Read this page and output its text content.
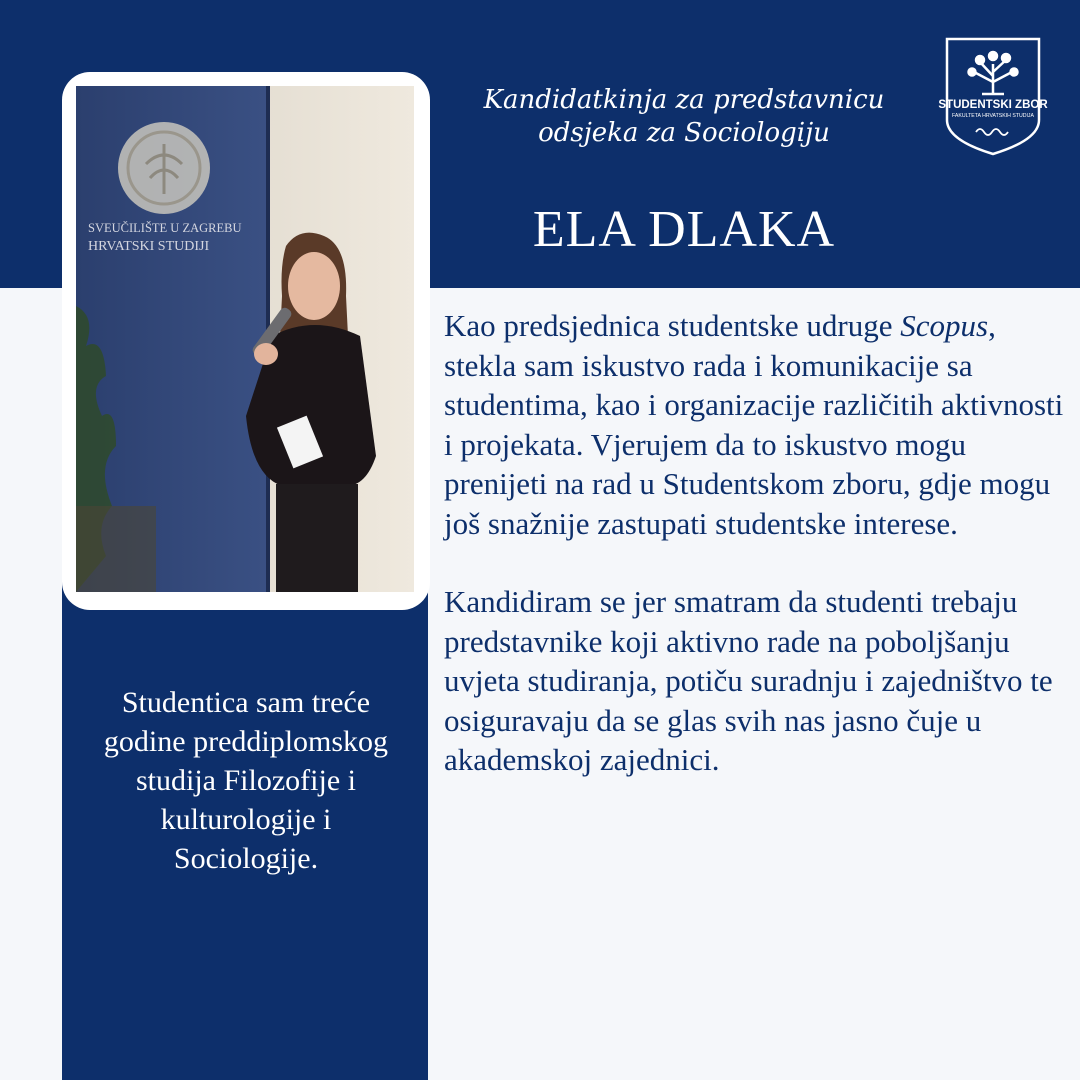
SVEUČILIŠTE U ZAGREBU
HRVATSKI STUDIJI
Kandidatkinja za predstavnicu
odsjeka za Sociologiju
ELA DLAKA
STUDENTSKI ZBOR
FAKULTETA HRVATSKIH STUDIJA
Studentica sam treće godine preddiplomskog studija Filozofije i kulturologije i Sociologije.

Kao predsjednica studentske udruge Scopus, stekla sam iskustvo rada i komunikacije sa studentima, kao i organizacije različitih aktivnosti i projekata. Vjerujem da to iskustvo mogu prenijeti na rad u Studentskom zboru, gdje mogu još snažnije zastupati studentske interese.

Kandidiram se jer smatram da studenti trebaju predstavnike koji aktivno rade na poboljšanju uvjeta studiranja, potiču suradnju i zajedništvo te osiguravaju da se glas svih nas jasno čuje u akademskoj zajednici.
